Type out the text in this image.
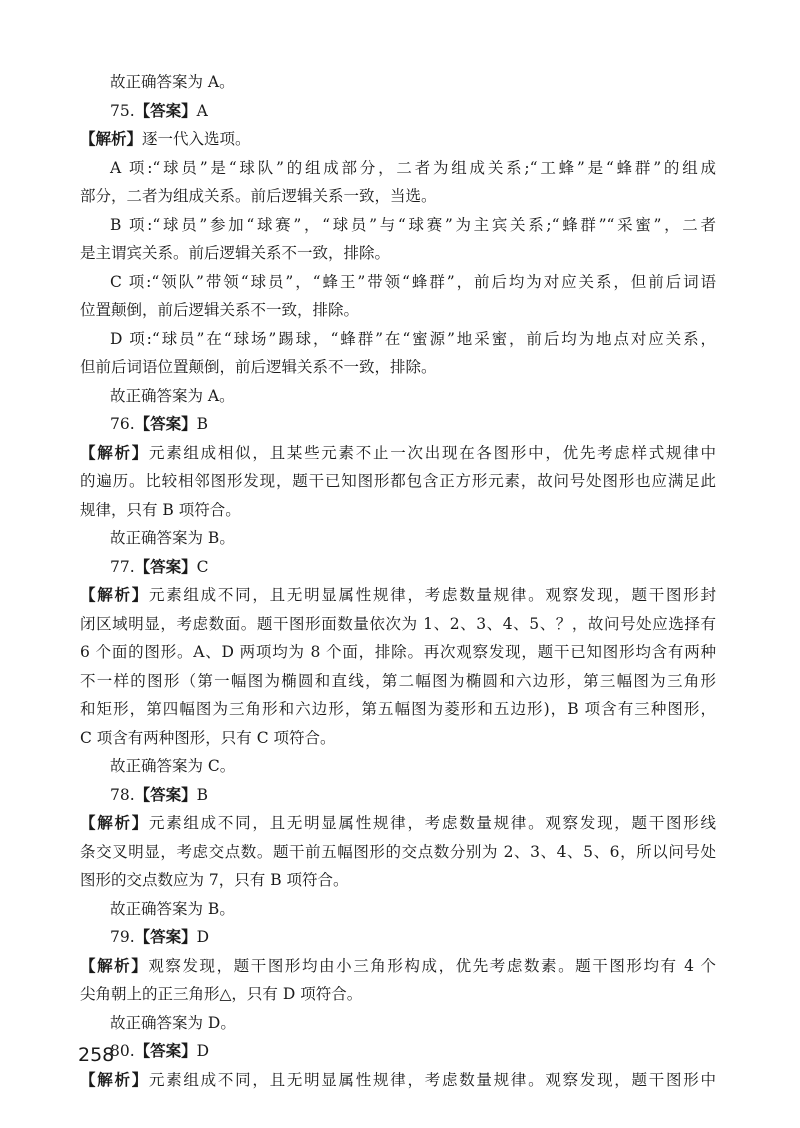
故正确答案为 A。
75.【答案】A
【解析】逐一代入选项。
A 项:“球员”是“球队”的组成部分，二者为组成关系;“工蜂”是“蜂群”的组成
部分，二者为组成关系。前后逻辑关系一致，当选。
B 项:“球员”参加“球赛”，“球员”与“球赛”为主宾关系;“蜂群”“采蜜”，二者
是主谓宾关系。前后逻辑关系不一致，排除。
C 项:“领队”带领“球员”，“蜂王”带领“蜂群”，前后均为对应关系，但前后词语
位置颠倒，前后逻辑关系不一致，排除。
D 项:“球员”在“球场”踢球，“蜂群”在“蜜源”地采蜜，前后均为地点对应关系，
但前后词语位置颠倒，前后逻辑关系不一致，排除。
故正确答案为 A。
76.【答案】B
【解析】元素组成相似，且某些元素不止一次出现在各图形中，优先考虑样式规律中
的遍历。比较相邻图形发现，题干已知图形都包含正方形元素，故问号处图形也应满足此
规律，只有 B 项符合。
故正确答案为 B。
77.【答案】C
【解析】元素组成不同，且无明显属性规律，考虑数量规律。观察发现，题干图形封
闭区域明显，考虑数面。题干图形面数量依次为 1、2、3、4、5、？，故问号处应选择有
6 个面的图形。A、D 两项均为 8 个面，排除。再次观察发现，题干已知图形均含有两种
不一样的图形（第一幅图为椭圆和直线，第二幅图为椭圆和六边形，第三幅图为三角形
和矩形，第四幅图为三角形和六边形，第五幅图为菱形和五边形)，B 项含有三种图形，
C 项含有两种图形，只有 C 项符合。
故正确答案为 C。
78.【答案】B
【解析】元素组成不同，且无明显属性规律，考虑数量规律。观察发现，题干图形线
条交叉明显，考虑交点数。题干前五幅图形的交点数分别为 2、3、4、5、6，所以问号处
图形的交点数应为 7，只有 B 项符合。
故正确答案为 B。
79.【答案】D
【解析】观察发现，题干图形均由小三角形构成，优先考虑数素。题干图形均有 4 个
尖角朝上的正三角形△，只有 D 项符合。
故正确答案为 D。
80.【答案】D
【解析】元素组成不同，且无明显属性规律，考虑数量规律。观察发现，题干图形中
258
